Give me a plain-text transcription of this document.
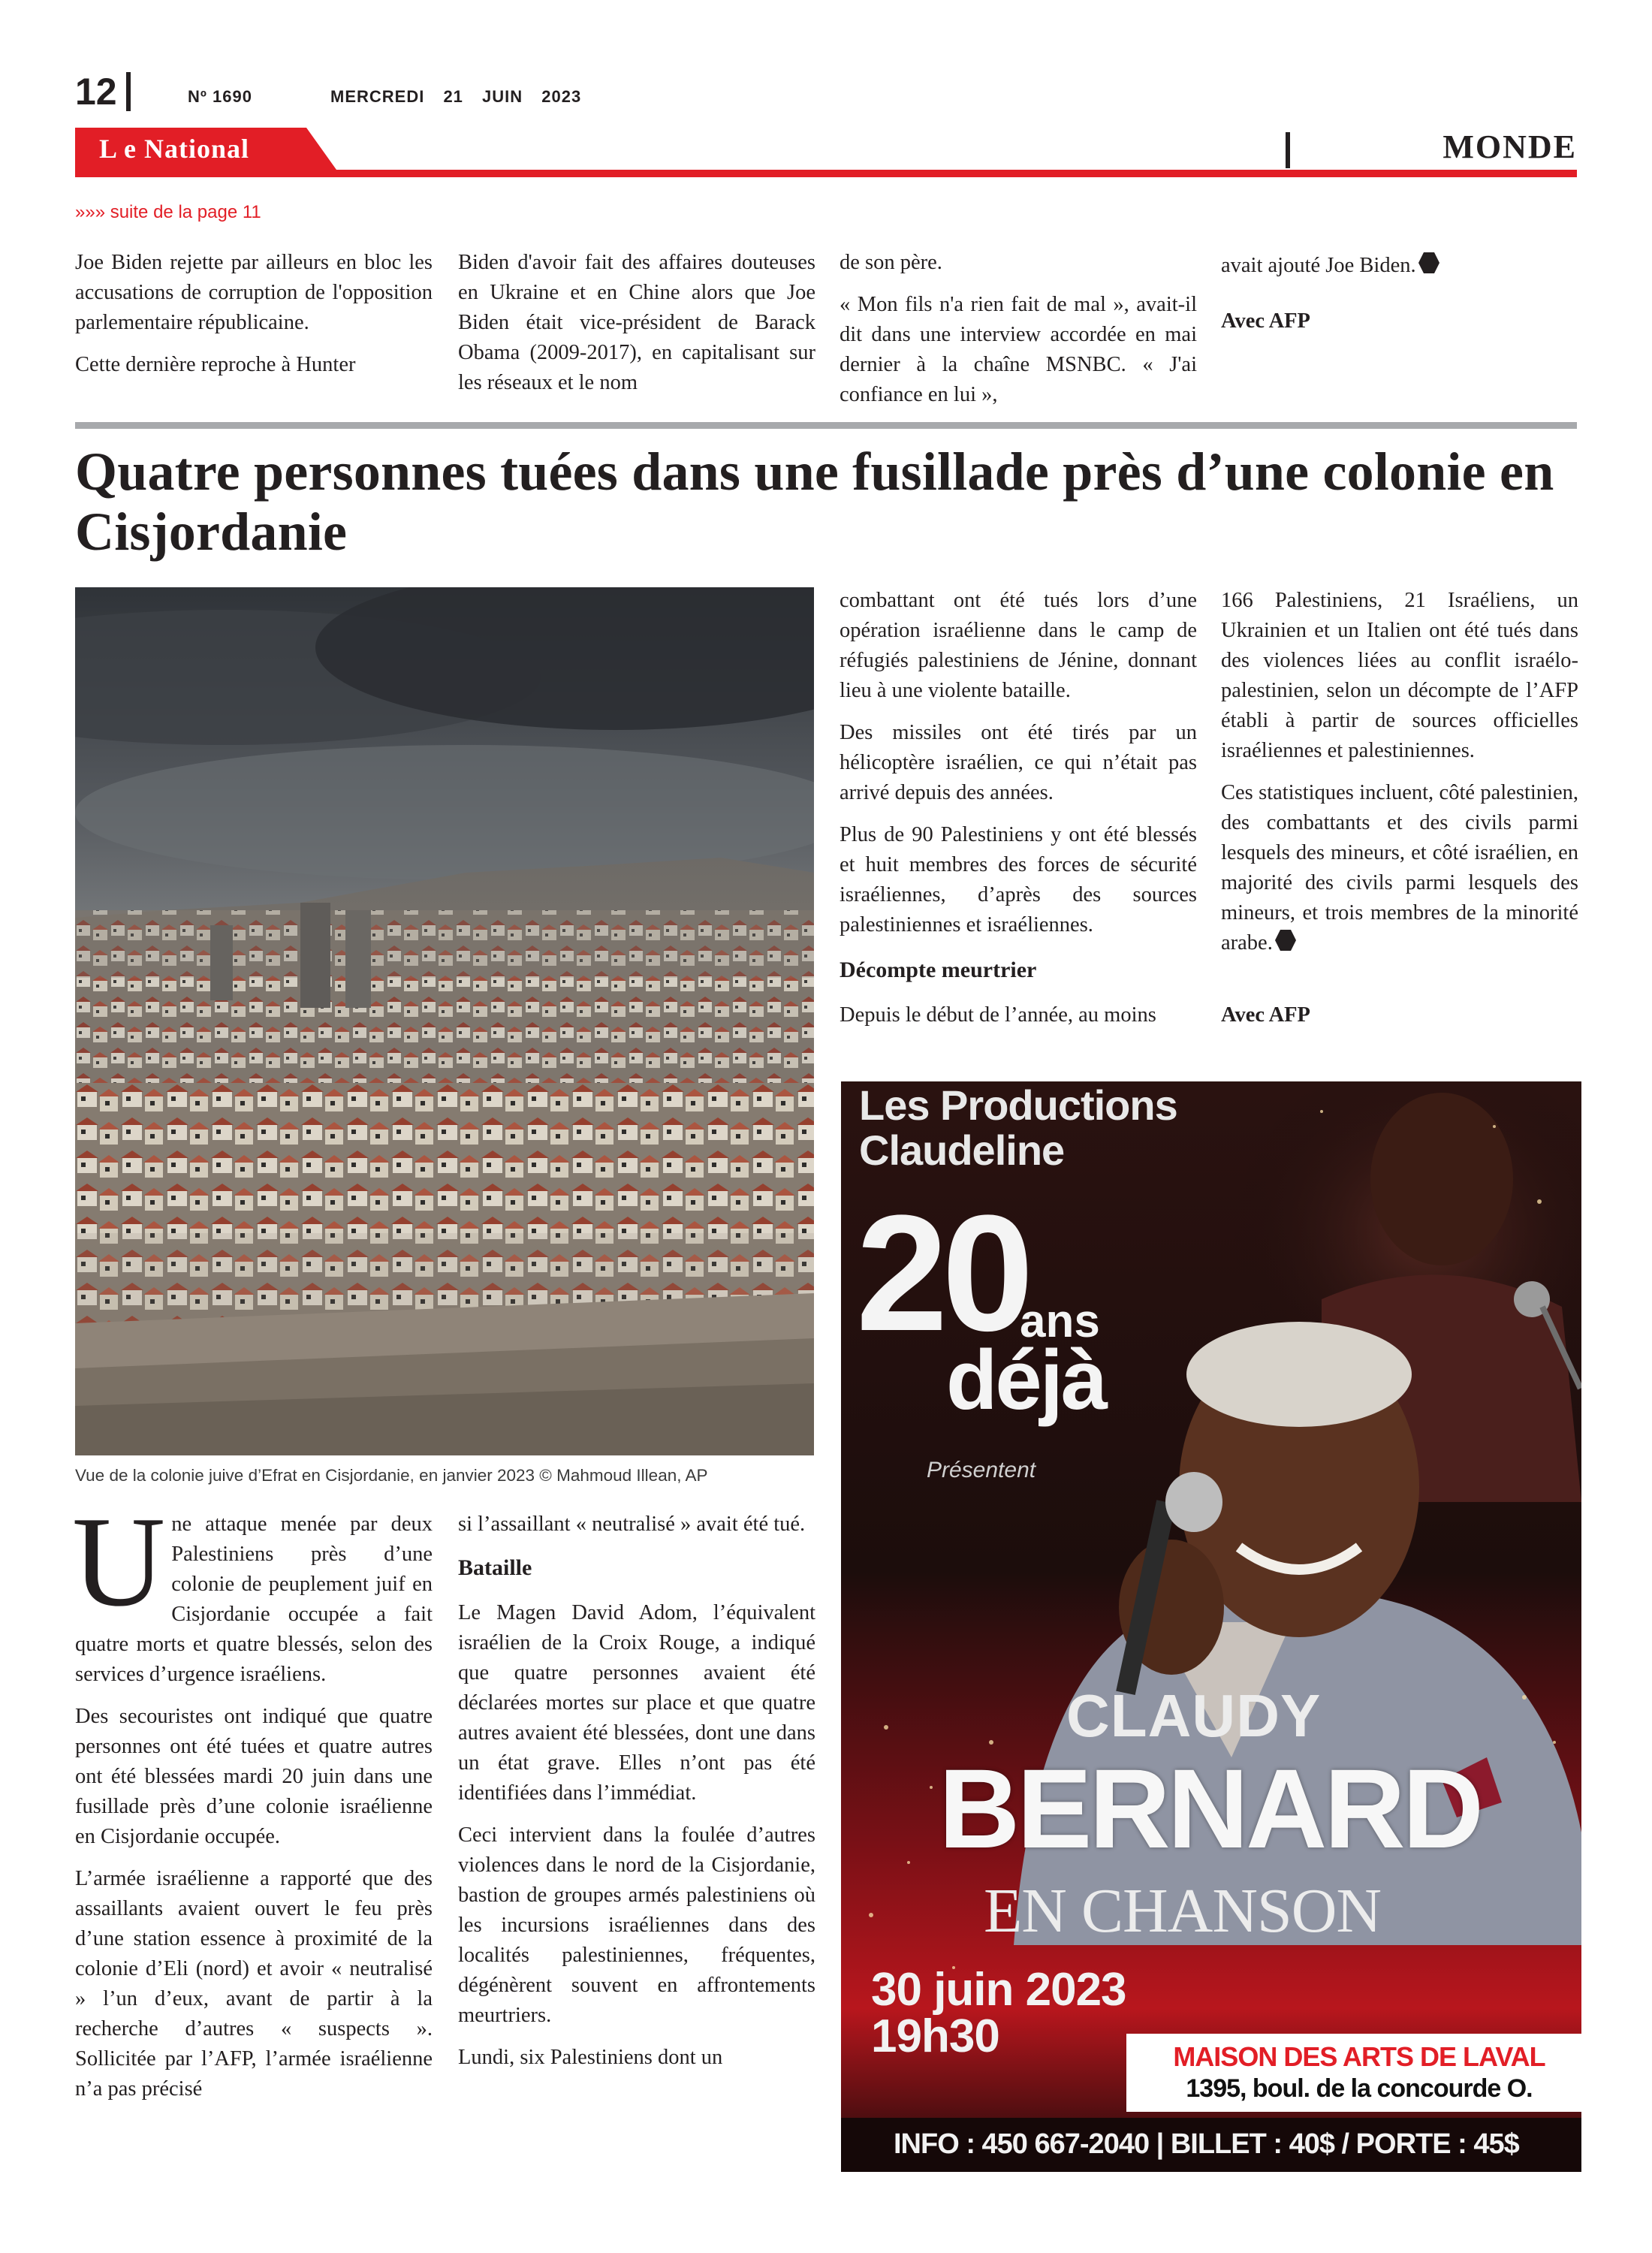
12	Nº 1690	MERCREDI 21 JUIN 2023
L e National	MONDE
»»» suite de la page 11

Joe Biden rejette par ailleurs en bloc les accusations de corruption de l'opposition parlementaire républicaine.

Cette dernière reproche à Hunter

Biden d'avoir fait des affaires douteuses en Ukraine et en Chine alors que Joe Biden était vice-président de Barack Obama (2009-2017), en capitalisant sur les réseaux et le nom

de son père.

« Mon fils n'a rien fait de mal », avait-il dit dans une interview accordée en mai dernier à la chaîne MSNBC. « J'ai confiance en lui »,

avait ajouté Joe Biden.

Avec AFP

Quatre personnes tuées dans une fusillade près d’une colonie en Cisjordanie
Vue de la colonie juive d’Efrat en Cisjordanie, en janvier 2023 © Mahmoud Illean, AP

Une attaque menée par deux Palestiniens près d’une colonie de peuplement juif en Cisjordanie occupée a fait quatre morts et quatre blessés, selon des services d’urgence israéliens.

Des secouristes ont indiqué que quatre personnes ont été tuées et quatre autres ont été blessées mardi 20 juin dans une fusillade près d’une colonie israélienne en Cisjordanie occupée.

L’armée israélienne a rapporté que des assaillants avaient ouvert le feu près d’une station essence à proximité de la colonie d’Eli (nord) et avoir « neutralisé » l’un d’eux, avant de partir à la recherche d’autres « suspects ». Sollicitée par l’AFP, l’armée israélienne n’a pas précisé

si l’assaillant « neutralisé » avait été tué.

Bataille

Le Magen David Adom, l’équivalent israélien de la Croix Rouge, a indiqué que quatre personnes avaient été déclarées mortes sur place et que quatre autres avaient été blessées, dont une dans un état grave. Elles n’ont pas été identifiées dans l’immédiat.

Ceci intervient dans la foulée d’autres violences dans le nord de la Cisjordanie, bastion de groupes armés palestiniens où les incursions israéliennes dans des localités palestiniennes, fréquentes, dégénèrent souvent en affrontements meurtriers.

Lundi, six Palestiniens dont un

combattant ont été tués lors d’une opération israélienne dans le camp de réfugiés palestiniens de Jénine, donnant lieu à une violente bataille.

Des missiles ont été tirés par un hélicoptère israélien, ce qui n’était pas arrivé depuis des années.

Plus de 90 Palestiniens y ont été blessés et huit membres des forces de sécurité israéliennes, d’après des sources palestiniennes et israéliennes.

Décompte meurtrier

Depuis le début de l’année, au moins

166 Palestiniens, 21 Israéliens, un Ukrainien et un Italien ont été tués dans des violences liées au conflit israélo-palestinien, selon un décompte de l’AFP établi à partir de sources officielles israéliennes et palestiniennes.

Ces statistiques incluent, côté palestinien, des combattants et des civils parmi lesquels des mineurs, et côté israélien, en majorité des civils parmi lesquels des mineurs, et trois membres de la minorité arabe.

Avec AFP

Les Productions
Claudeline
20
ans
déjà
Présentent
CLAUDY
BERNARD
EN CHANSON
30 juin 2023
19h30	MAISON DES ARTS DE LAVAL
1395, boul. de la concourde O.
INFO : 450 667-2040 | BILLET : 40$ / PORTE : 45$
